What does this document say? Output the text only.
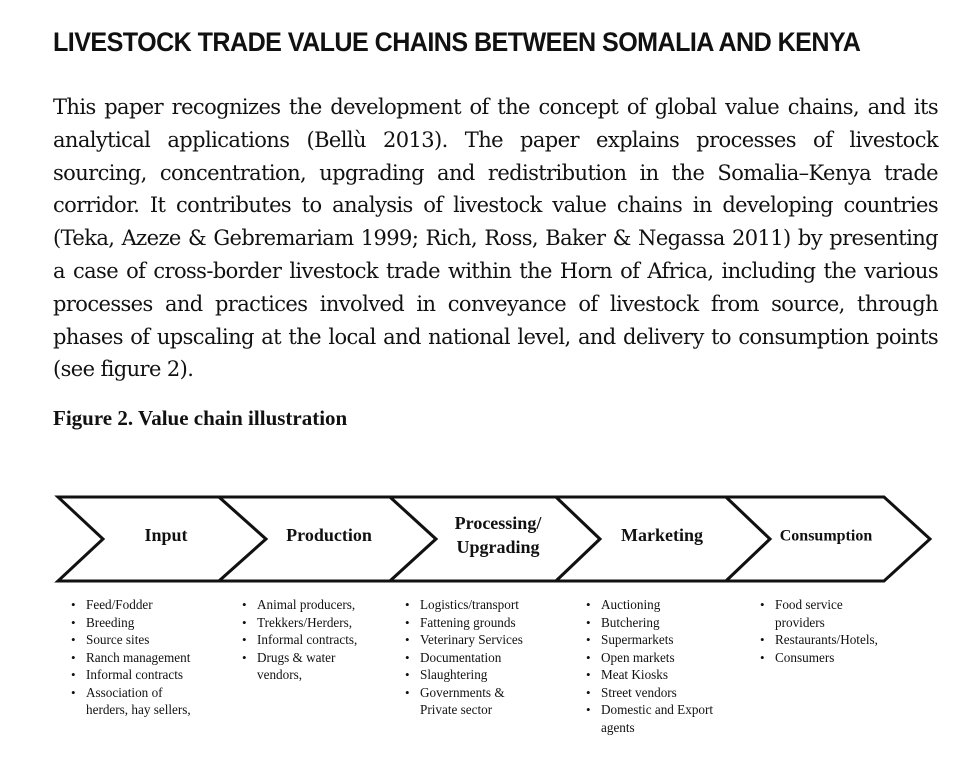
LIVESTOCK TRADE VALUE CHAINS BETWEEN SOMALIA AND KENYA

This paper recognizes the development of the concept of global value chains, and its analytical applications (Bellù 2013). The paper explains processes of livestock sourcing, concentration, upgrading and redistribution in the Somalia–Kenya trade corridor. It contributes to analysis of livestock value chains in developing countries (Teka, Azeze & Gebremariam 1999; Rich, Ross, Baker & Negassa 2011) by presenting a case of cross-border livestock trade within the Horn of Africa, including the various processes and practices involved in conveyance of livestock from source, through phases of upscaling at the local and national level, and delivery to consumption points (see figure 2).

Figure 2. Value chain illustration

Input	Production
Processing/
Upgrading
Marketing	Consumption
• Feed/Fodder
• Breeding
• Source sites
• Ranch management
• Informal contracts
• Association of herders, hay sellers,
• Animal producers,
• Trekkers/Herders,
• Informal contracts,
• Drugs & water vendors,
• Logistics/transport
• Fattening grounds
• Veterinary Services
• Documentation
• Slaughtering
• Governments & Private sector
• Auctioning
• Butchering
• Supermarkets
• Open markets
• Meat Kiosks
• Street vendors
• Domestic and Export agents
• Food service providers
• Restaurants/Hotels,
• Consumers
